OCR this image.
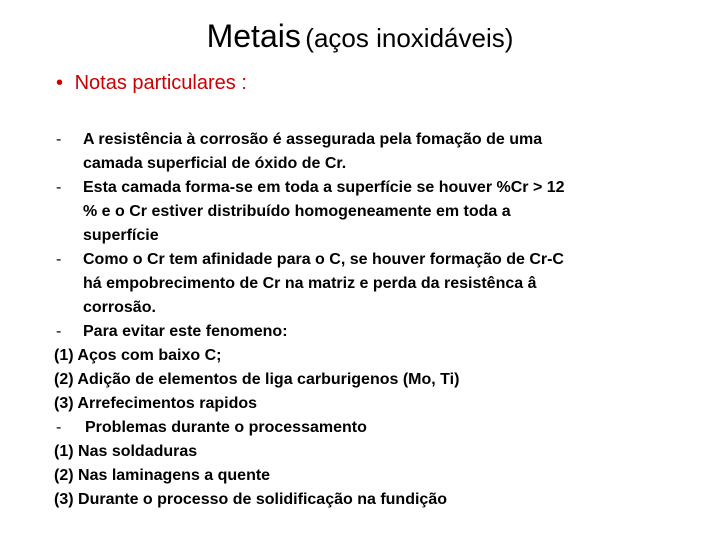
Metais (aços inoxidáveis)
• Notas particulares :
- A resistência à corrosão é assegurada pela fomação de uma
camada superficial de óxido de Cr.
- Esta camada forma-se em toda a superfície se houver %Cr > 12
% e o Cr estiver distribuído homogeneamente em toda a
superfície
- Como o Cr tem afinidade para o C, se houver formação de Cr-C
há empobrecimento de Cr na matriz e perda da resistênca â
corrosão.
- Para evitar este fenomeno:
(1) Aços com baixo C;
(2) Adição de elementos de liga carburigenos (Mo, Ti)
(3) Arrefecimentos rapidos
- Problemas durante o processamento
(1) Nas soldaduras
(2) Nas laminagens a quente
(3) Durante o processo de solidificação na fundição
